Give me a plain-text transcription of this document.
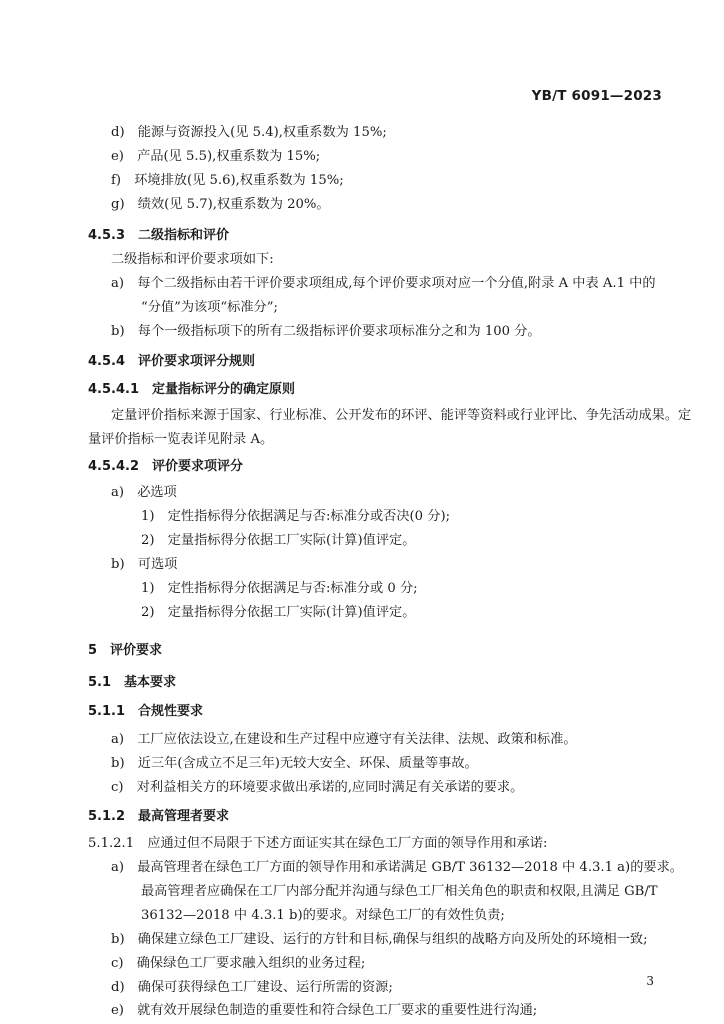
YB/T 6091—2023
d)　能源与资源投入(见 5.4),权重系数为 15%;
e)　产品(见 5.5),权重系数为 15%;
f)　环境排放(见 5.6),权重系数为 15%;
g)　绩效(见 5.7),权重系数为 20%。
4.5.3　二级指标和评价
二级指标和评价要求项如下:
a)　每个二级指标由若干评价要求项组成,每个评价要求项对应一个分值,附录 A 中表 A.1 中的
“分值”为该项“标准分”;
b)　每个一级指标项下的所有二级指标评价要求项标准分之和为 100 分。
4.5.4　评价要求项评分规则
4.5.4.1　定量指标评分的确定原则
定量评价指标来源于国家、行业标准、公开发布的环评、能评等资料或行业评比、争先活动成果。定
量评价指标一览表详见附录 A。
4.5.4.2　评价要求项评分
a)　必选项
1)　定性指标得分依据满足与否:标准分或否决(0 分);
2)　定量指标得分依据工厂实际(计算)值评定。
b)　可选项
1)　定性指标得分依据满足与否:标准分或 0 分;
2)　定量指标得分依据工厂实际(计算)值评定。
5　评价要求
5.1　基本要求
5.1.1　合规性要求
a)　工厂应依法设立,在建设和生产过程中应遵守有关法律、法规、政策和标准。
b)　近三年(含成立不足三年)无较大安全、环保、质量等事故。
c)　对利益相关方的环境要求做出承诺的,应同时满足有关承诺的要求。
5.1.2　最高管理者要求
5.1.2.1　应通过但不局限于下述方面证实其在绿色工厂方面的领导作用和承诺:
a)　最高管理者在绿色工厂方面的领导作用和承诺满足 GB/T 36132—2018 中 4.3.1 a)的要求。
最高管理者应确保在工厂内部分配并沟通与绿色工厂相关角色的职责和权限,且满足 GB/T
36132—2018 中 4.3.1 b)的要求。对绿色工厂的有效性负责;
b)　确保建立绿色工厂建设、运行的方针和目标,确保与组织的战略方向及所处的环境相一致;
c)　确保绿色工厂要求融入组织的业务过程;
d)　确保可获得绿色工厂建设、运行所需的资源;
e)　就有效开展绿色制造的重要性和符合绿色工厂要求的重要性进行沟通;
3
